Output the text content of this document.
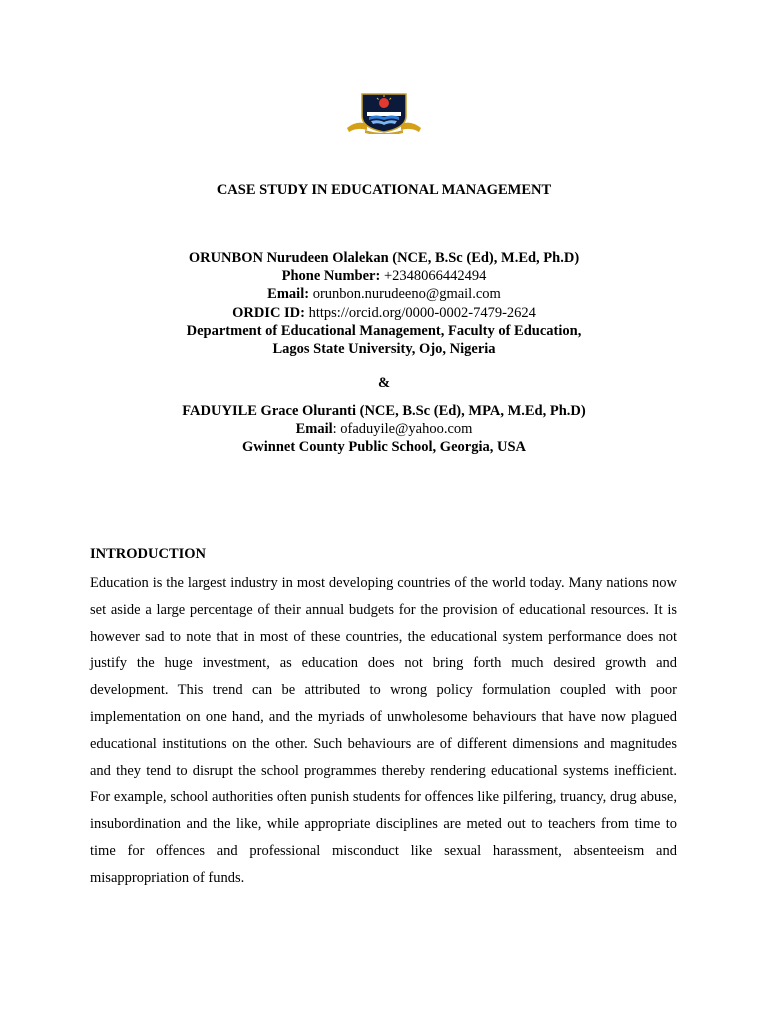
CASE STUDY IN EDUCATIONAL MANAGEMENT
ORUNBON Nurudeen Olalekan (NCE, B.Sc (Ed), M.Ed, Ph.D)
Phone Number: +2348066442494
Email: orunbon.nurudeeno@gmail.com
ORDIC ID: https://orcid.org/0000-0002-7479-2624
Department of Educational Management, Faculty of Education,
Lagos State University, Ojo, Nigeria
&
FADUYILE Grace Oluranti (NCE, B.Sc (Ed), MPA, M.Ed, Ph.D)
Email: ofaduyile@yahoo.com
Gwinnet County Public School, Georgia, USA
INTRODUCTION
Education is the largest industry in most developing countries of the world today. Many nations now set aside a large percentage of their annual budgets for the provision of educational resources. It is however sad to note that in most of these countries, the educational system performance does not justify the huge investment, as education does not bring forth much desired growth and development. This trend can be attributed to wrong policy formulation coupled with poor implementation on one hand, and the myriads of unwholesome behaviours that have now plagued educational institutions on the other. Such behaviours are of different dimensions and magnitudes and they tend to disrupt the school programmes thereby rendering educational systems inefficient. For example, school authorities often punish students for offences like pilfering, truancy, drug abuse, insubordination and the like, while appropriate disciplines are meted out to teachers from time to time for offences and professional misconduct like sexual harassment, absenteeism and misappropriation of funds.
